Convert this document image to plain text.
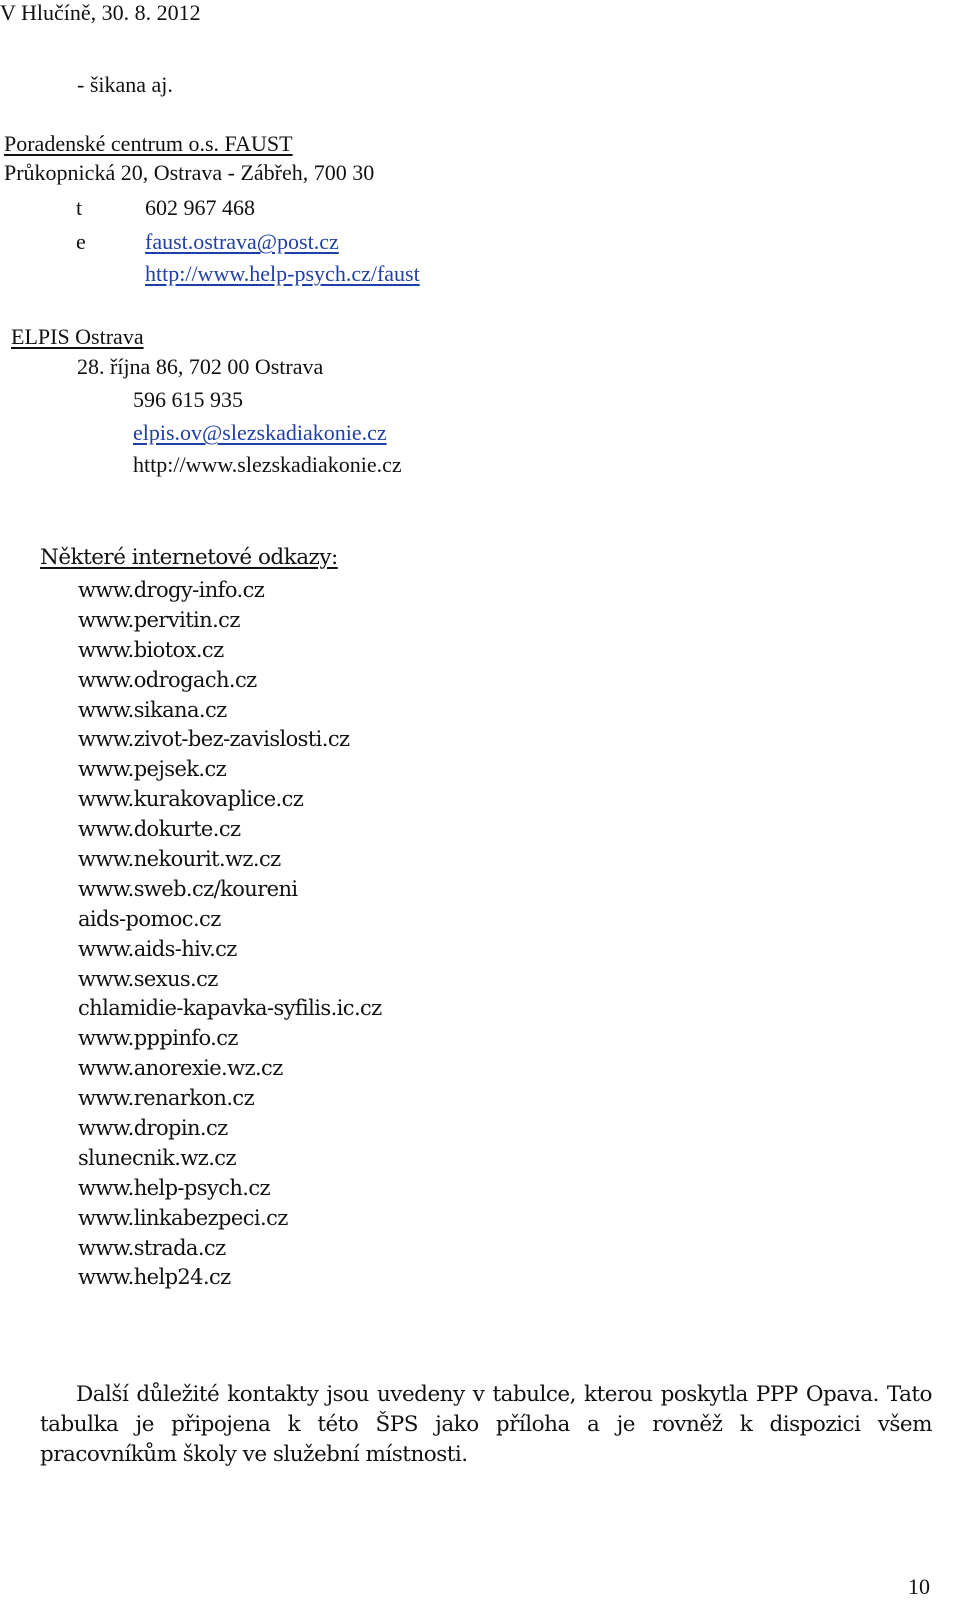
V Hlučíně, 30. 8. 2012
- šikana aj.
Poradenské centrum o.s. FAUST
Průkopnická 20, Ostrava - Zábřeh, 700 30
t	602 967 468
e	faust.ostrava@post.cz
http://www.help-psych.cz/faust
ELPIS Ostrava
28. října 86, 702 00 Ostrava
596 615 935
elpis.ov@slezskadiakonie.cz
http://www.slezskadiakonie.cz
Některé internetové odkazy:
www.drogy-info.cz
www.pervitin.cz
www.biotox.cz
www.odrogach.cz
www.sikana.cz
www.zivot-bez-zavislosti.cz
www.pejsek.cz
www.kurakovaplice.cz
www.dokurte.cz
www.nekourit.wz.cz
www.sweb.cz/koureni
aids-pomoc.cz
www.aids-hiv.cz
www.sexus.cz
chlamidie-kapavka-syfilis.ic.cz
www.pppinfo.cz
www.anorexie.wz.cz
www.renarkon.cz
www.dropin.cz
slunecnik.wz.cz
www.help-psych.cz
www.linkabezpeci.cz
www.strada.cz
www.help24.cz

Další důležité kontakty jsou uvedeny v tabulce, kterou poskytla PPP Opava. Tato tabulka je připojena k této ŠPS jako příloha a je rovněž k dispozici všem pracovníkům školy ve služební místnosti.

10
